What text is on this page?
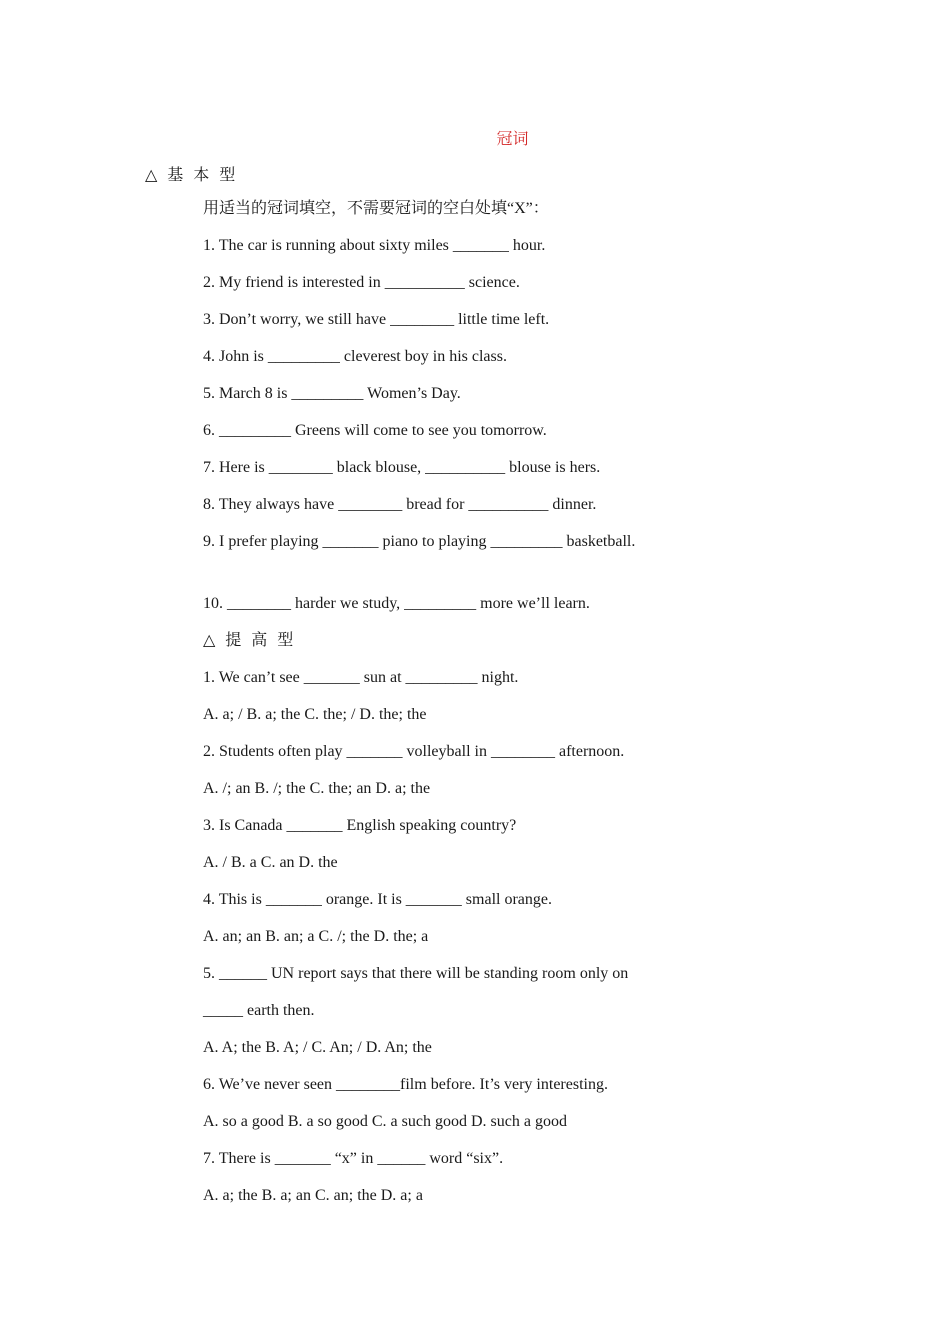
冠词
△ 基 本 型
用适当的冠词填空，不需要冠词的空白处填“X”：
1. The car is running about sixty miles _______ hour.
2. My friend is interested in __________ science.
3. Don’t worry, we still have ________ little time left.
4. John is _________ cleverest boy in his class.
5. March 8 is _________ Women’s Day.
6. _________ Greens will come to see you tomorrow.
7. Here is ________ black blouse, __________ blouse is hers.
8. They always have ________ bread for __________ dinner.
9. I prefer playing _______ piano to playing _________ basketball.
10. ________ harder we study, _________ more we’ll learn.
△ 提 高 型
1. We can’t see _______ sun at _________ night.
A. a; / B. a; the C. the; / D. the; the
2. Students often play _______ volleyball in ________ afternoon.
A. /; an B. /; the C. the; an D. a; the
3. Is Canada _______ English speaking country?
A. / B. a C. an D. the
4. This is _______ orange. It is _______ small orange.
A. an; an B. an; a C. /; the D. the; a
5. ______ UN report says that there will be standing room only on
_____ earth then.
A. A; the B. A; / C. An; / D. An; the
6. We’ve never seen ________film before. It’s very interesting.
A. so a good B. a so good C. a such good D. such a good
7. There is _______ “x” in ______ word “six”.
A. a; the B. a; an C. an; the D. a; a
